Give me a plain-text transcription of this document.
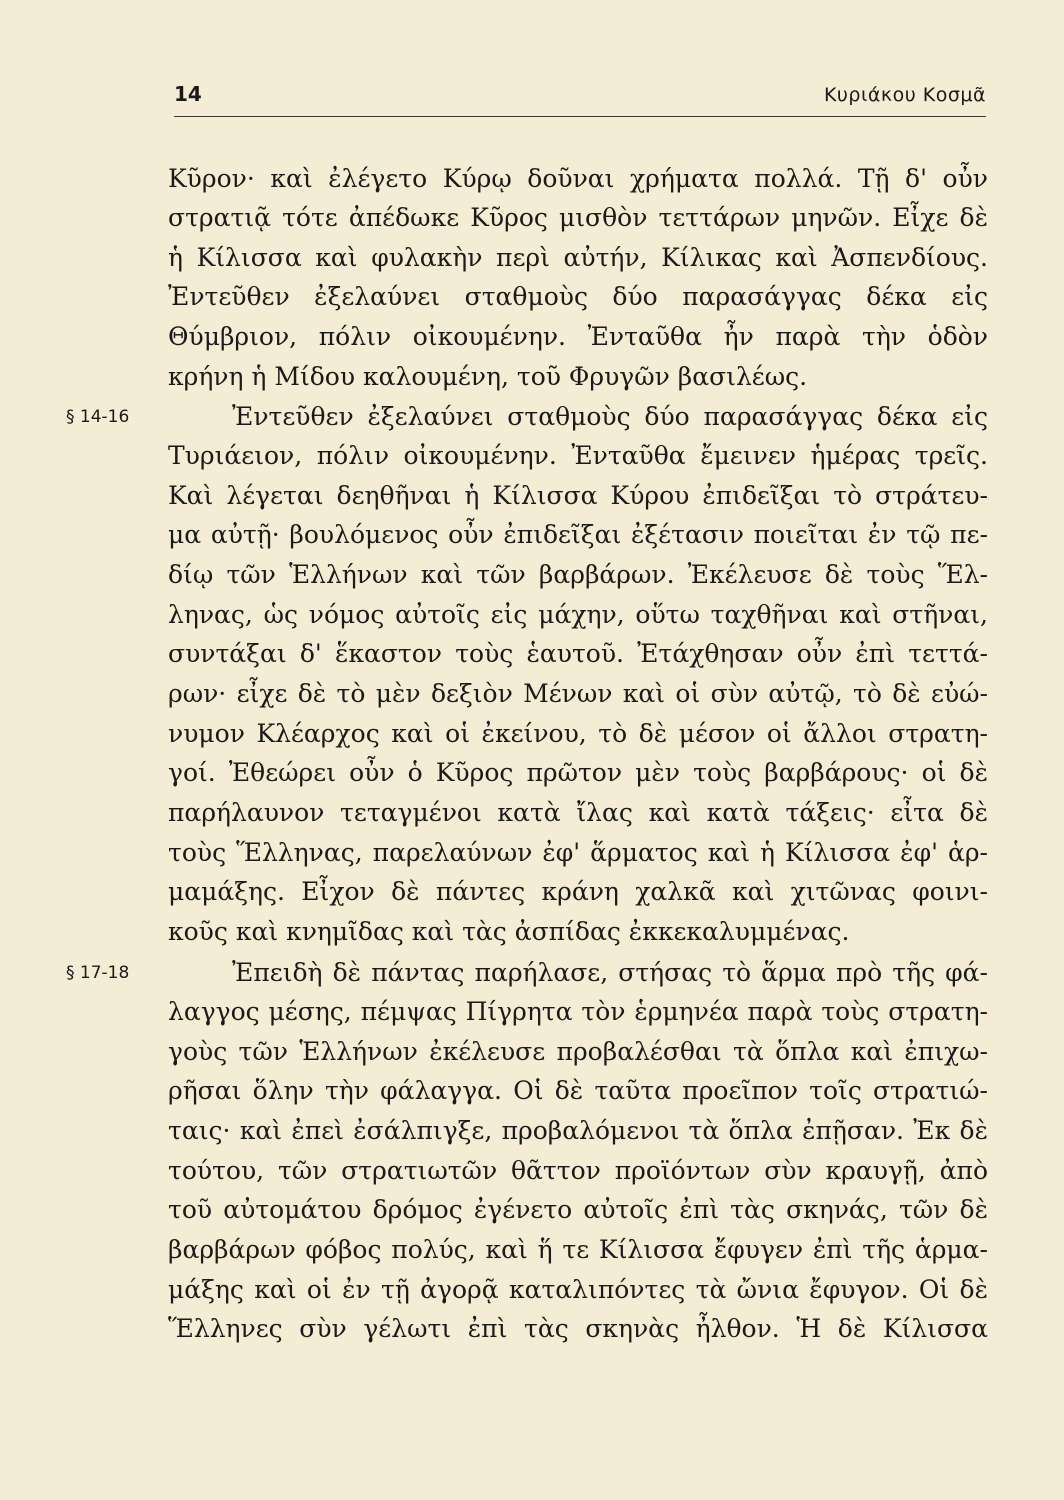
14	Κυριάκου Κοσμᾶ
§ 14-16
§ 17-18
Κῦρον· καὶ ἐλέγετο Κύρῳ δοῦναι χρήματα πολλά. Τῇ δ' οὖν
στρατιᾷ τότε ἀπέδωκε Κῦρος μισθὸν τεττάρων μηνῶν. Εἶχε δὲ
ἡ Κίλισσα καὶ φυλακὴν περὶ αὐτήν, Κίλικας καὶ Ἀσπενδίους.
Ἐντεῦθεν ἐξελαύνει σταθμοὺς δύο παρασάγγας δέκα εἰς
Θύμβριον, πόλιν οἰκουμένην. Ἐνταῦθα ἦν παρὰ τὴν ὁδὸν
κρήνη ἡ Μίδου καλουμένη, τοῦ Φρυγῶν βασιλέως.
Ἐντεῦθεν ἐξελαύνει σταθμοὺς δύο παρασάγγας δέκα εἰς
Τυριάειον, πόλιν οἰκουμένην. Ἐνταῦθα ἔμεινεν ἡμέρας τρεῖς.
Καὶ λέγεται δεηθῆναι ἡ Κίλισσα Κύρου ἐπιδεῖξαι τὸ στράτευ-
μα αὐτῇ· βουλόμενος οὖν ἐπιδεῖξαι ἐξέτασιν ποιεῖται ἐν τῷ πε-
δίῳ τῶν Ἑλλήνων καὶ τῶν βαρβάρων. Ἐκέλευσε δὲ τοὺς Ἕλ-
ληνας, ὡς νόμος αὐτοῖς εἰς μάχην, οὕτω ταχθῆναι καὶ στῆναι,
συντάξαι δ' ἕκαστον τοὺς ἑαυτοῦ. Ἐτάχθησαν οὖν ἐπὶ τεττά-
ρων· εἶχε δὲ τὸ μὲν δεξιὸν Μένων καὶ οἱ σὺν αὐτῷ, τὸ δὲ εὐώ-
νυμον Κλέαρχος καὶ οἱ ἐκείνου, τὸ δὲ μέσον οἱ ἄλλοι στρατη-
γοί. Ἐθεώρει οὖν ὁ Κῦρος πρῶτον μὲν τοὺς βαρβάρους· οἱ δὲ
παρήλαυνον τεταγμένοι κατὰ ἴλας καὶ κατὰ τάξεις· εἶτα δὲ
τοὺς Ἕλληνας, παρελαύνων ἐφ' ἅρματος καὶ ἡ Κίλισσα ἐφ' ἁρ-
μαμάξης. Εἶχον δὲ πάντες κράνη χαλκᾶ καὶ χιτῶνας φοινι-
κοῦς καὶ κνημῖδας καὶ τὰς ἀσπίδας ἐκκεκαλυμμένας.
Ἐπειδὴ δὲ πάντας παρήλασε, στήσας τὸ ἅρμα πρὸ τῆς φά-
λαγγος μέσης, πέμψας Πίγρητα τὸν ἑρμηνέα παρὰ τοὺς στρατη-
γοὺς τῶν Ἑλλήνων ἐκέλευσε προβαλέσθαι τὰ ὅπλα καὶ ἐπιχω-
ρῆσαι ὅλην τὴν φάλαγγα. Οἱ δὲ ταῦτα προεῖπον τοῖς στρατιώ-
ταις· καὶ ἐπεὶ ἐσάλπιγξε, προβαλόμενοι τὰ ὅπλα ἐπῇσαν. Ἐκ δὲ
τούτου, τῶν στρατιωτῶν θᾶττον προϊόντων σὺν κραυγῇ, ἀπὸ
τοῦ αὐτομάτου δρόμος ἐγένετο αὐτοῖς ἐπὶ τὰς σκηνάς, τῶν δὲ
βαρβάρων φόβος πολύς, καὶ ἥ τε Κίλισσα ἔφυγεν ἐπὶ τῆς ἁρμα-
μάξης καὶ οἱ ἐν τῇ ἀγορᾷ καταλιπόντες τὰ ὤνια ἔφυγον. Οἱ δὲ
Ἕλληνες σὺν γέλωτι ἐπὶ τὰς σκηνὰς ἦλθον. Ἡ δὲ Κίλισσα
